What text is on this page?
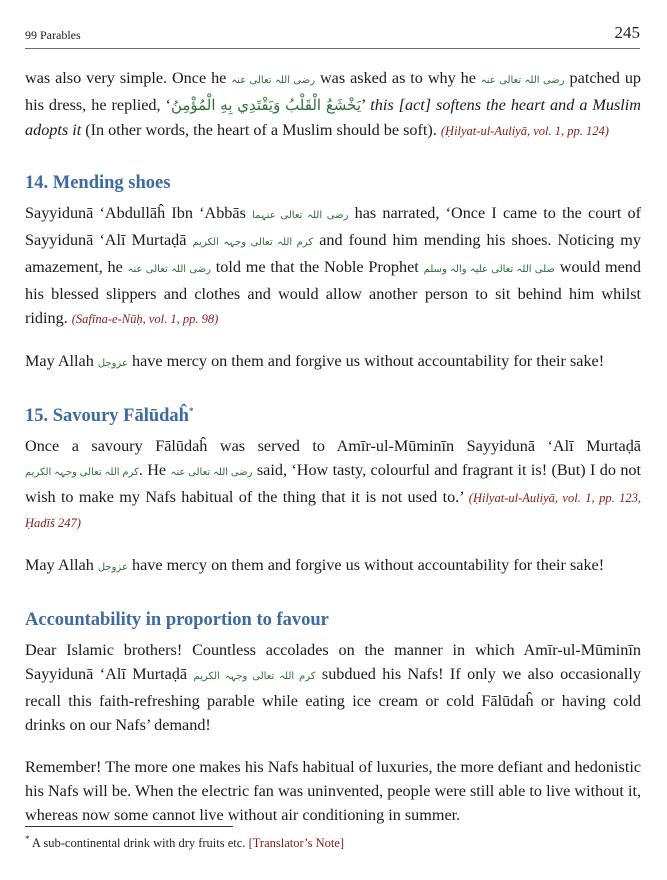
99 Parables	245

was also very simple. Once he رضی اللہ تعالی عنہ was asked as to why he رضی اللہ تعالی عنہ patched up his dress, he replied, ‘يَخْشَعُ الْقَلْبُ وَيَقْتَدِي بِهِ الْمُؤْمِنُ’ this [act] softens the heart and a Muslim adopts it (In other words, the heart of a Muslim should be soft). (Ḥilyat-ul-Auliyā, vol. 1, pp. 124)

14. Mending shoes

Sayyidunā ‘Abdullāĥ Ibn ‘Abbās رضی اللہ تعالی عنہما has narrated, ‘Once I came to the court of Sayyidunā ‘Alī Murtaḍā کرم اللہ تعالی وجہہ الکریم and found him mending his shoes. Noticing my amazement, he رضی اللہ تعالی عنہ told me that the Noble Prophet صلی اللہ تعالی علیہ والہ وسلم would mend his blessed slippers and clothes and would allow another person to sit behind him whilst riding. (Safīna-e-Nūḥ, vol. 1, pp. 98)

May Allah عزوجل have mercy on them and forgive us without accountability for their sake!

15. Savoury Fālūdaĥ*

Once a savoury Fālūdaĥ was served to Amīr-ul-Mūminīn Sayyidunā ‘Alī Murtaḍā کرم اللہ تعالی وجہہ الکریم. He رضی اللہ تعالی عنہ said, ‘How tasty, colourful and fragrant it is! (But) I do not wish to make my Nafs habitual of the thing that it is not used to.’ (Ḥilyat-ul-Auliyā, vol. 1, pp. 123, Ḥadīš 247)

May Allah عزوجل have mercy on them and forgive us without accountability for their sake!

Accountability in proportion to favour

Dear Islamic brothers! Countless accolades on the manner in which Amīr-ul-Mūminīn Sayyidunā ‘Alī Murtaḍā کرم اللہ تعالی وجہہ الکریم subdued his Nafs! If only we also occasionally recall this faith-refreshing parable while eating ice cream or cold Fālūdaĥ or having cold drinks on our Nafs’ demand!

Remember! The more one makes his Nafs habitual of luxuries, the more defiant and hedonistic his Nafs will be. When the electric fan was uninvented, people were still able to live without it, whereas now some cannot live without air conditioning in summer.

* A sub-continental drink with dry fruits etc. [Translator’s Note]
